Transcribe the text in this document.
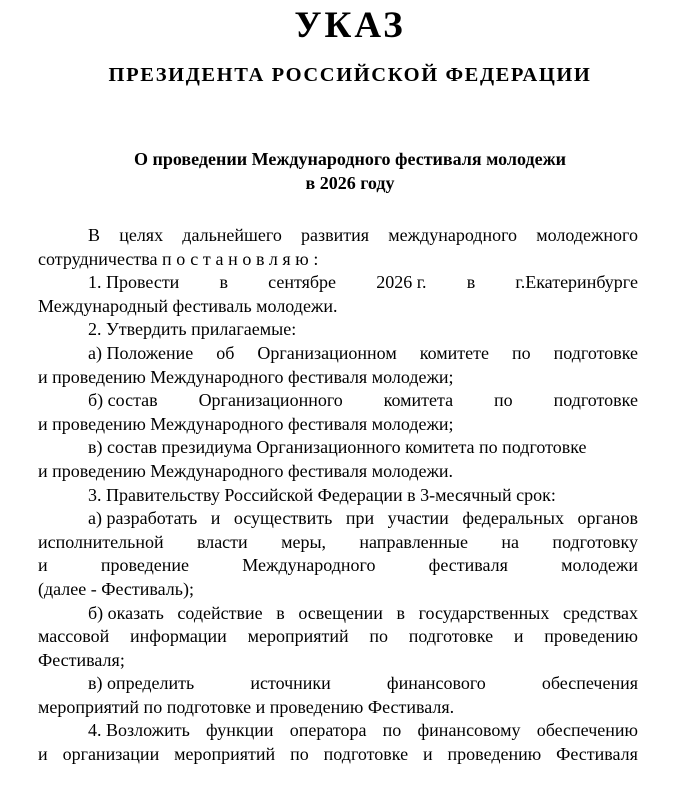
УКАЗ
ПРЕЗИДЕНТА РОССИЙСКОЙ ФЕДЕРАЦИИ
О проведении Международного фестиваля молодежи
в 2026 году
В целях дальнейшего развития международного молодежного
сотрудничества постановляю:
1. Провести в сентябре 2026 г. в г.Екатеринбурге
Международный фестиваль молодежи.
2. Утвердить прилагаемые:
а) Положение об Организационном комитете по подготовке
и проведению Международного фестиваля молодежи;
б) состав Организационного комитета по подготовке
и проведению Международного фестиваля молодежи;
в) состав президиума Организационного комитета по подготовке
и проведению Международного фестиваля молодежи.
3. Правительству Российской Федерации в 3-месячный срок:
а) разработать и осуществить при участии федеральных органов
исполнительной власти меры, направленные на подготовку
и	проведение	Международного	фестиваля	молодежи
(далее - Фестиваль);
б) оказать содействие в освещении в государственных средствах
массовой информации мероприятий по подготовке и проведению
Фестиваля;
в) определить	источники	финансового	обеспечения
мероприятий по подготовке и проведению Фестиваля.
4. Возложить функции оператора по финансовому обеспечению
и организации мероприятий по подготовке и проведению Фестиваля
